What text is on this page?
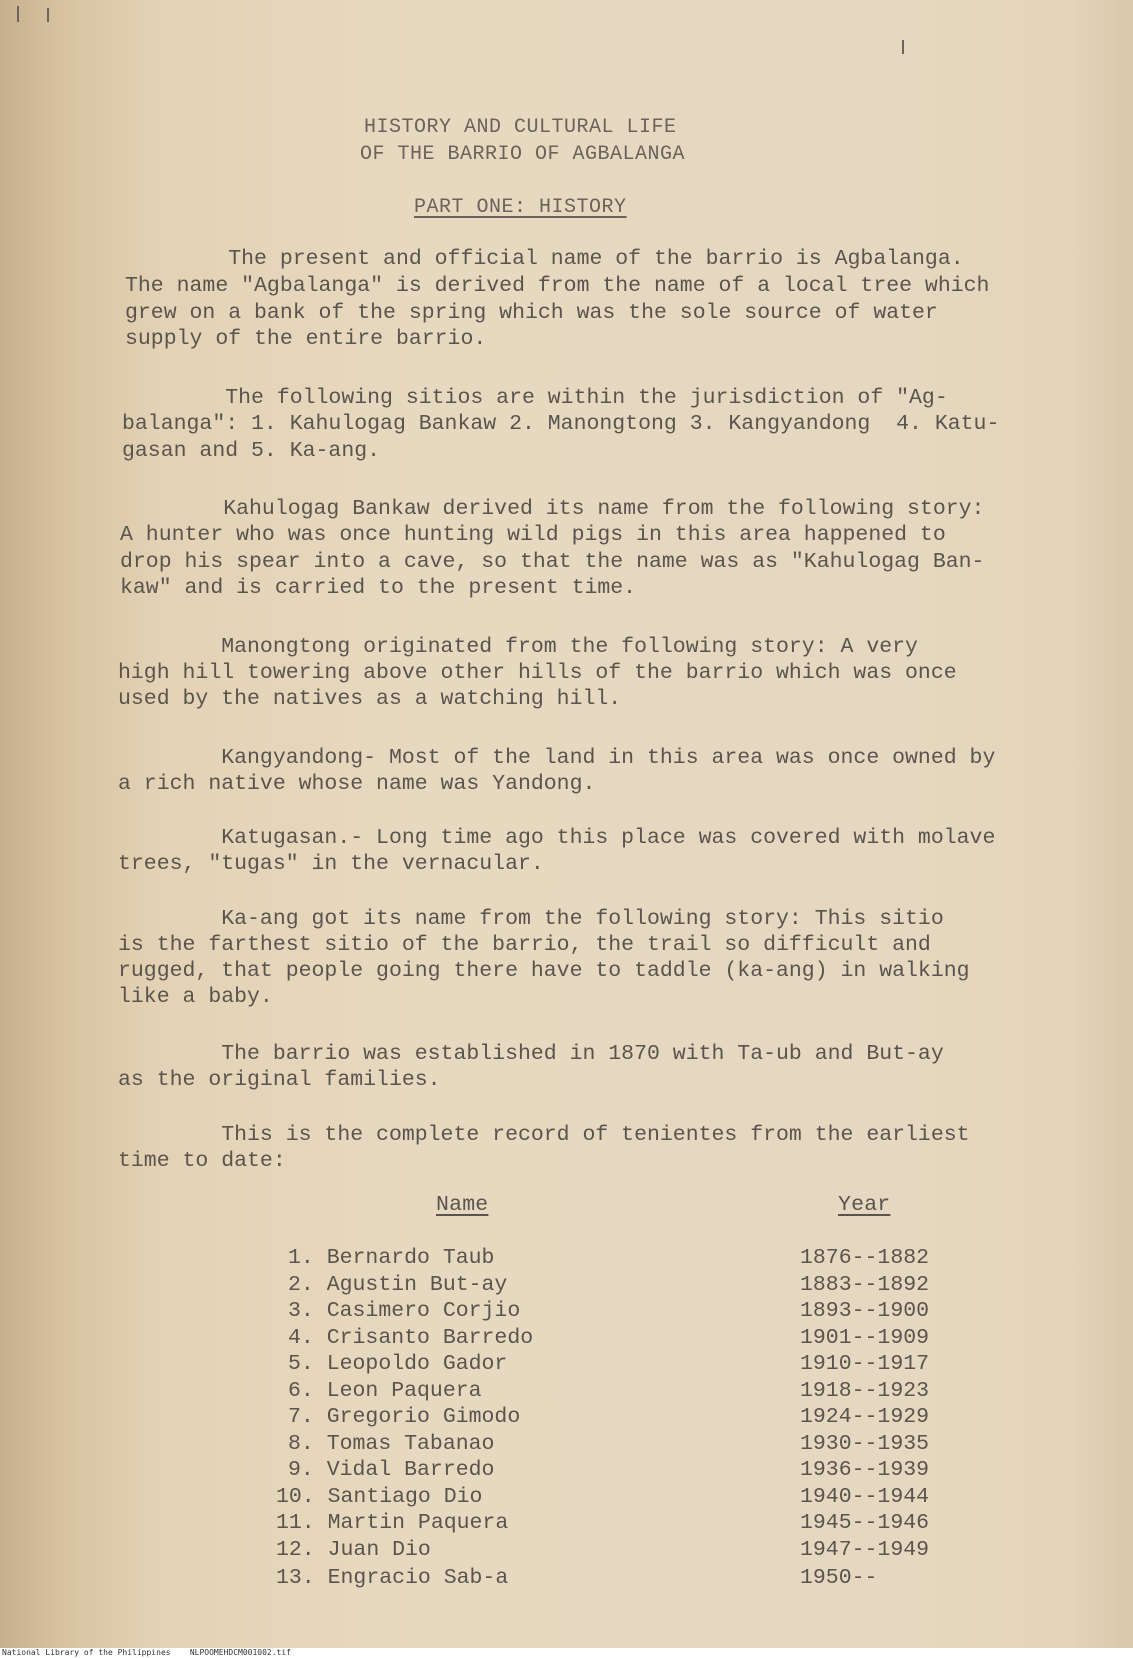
HISTORY AND CULTURAL LIFE
OF THE BARRIO OF AGBALANGA
PART ONE: HISTORY
The present and official name of the barrio is Agbalanga.
The name "Agbalanga" is derived from the name of a local tree which
grew on a bank of the spring which was the sole source of water
supply of the entire barrio.
The following sitios are within the jurisdiction of "Ag-
balanga": 1. Kahulogag Bankaw 2. Manongtong 3. Kangyandong  4. Katu-
gasan and 5. Ka-ang.
Kahulogag Bankaw derived its name from the following story:
A hunter who was once hunting wild pigs in this area happened to
drop his spear into a cave, so that the name was as "Kahulogag Ban-
kaw" and is carried to the present time.
Manongtong originated from the following story: A very
high hill towering above other hills of the barrio which was once
used by the natives as a watching hill.
Kangyandong- Most of the land in this area was once owned by
a rich native whose name was Yandong.
Katugasan.- Long time ago this place was covered with molave
trees, "tugas" in the vernacular.
Ka-ang got its name from the following story: This sitio
is the farthest sitio of the barrio, the trail so difficult and
rugged, that people going there have to taddle (ka-ang) in walking
like a baby.
The barrio was established in 1870 with Ta-ub and But-ay
as the original families.
This is the complete record of tenientes from the earliest
time to date:
Name	Year
1. Bernardo Taub	1876--1882
2. Agustin But-ay	1883--1892
3. Casimero Corjio	1893--1900
4. Crisanto Barredo	1901--1909
5. Leopoldo Gador	1910--1917
6. Leon Paquera	1918--1923
7. Gregorio Gimodo	1924--1929
8. Tomas Tabanao	1930--1935
9. Vidal Barredo	1936--1939
10. Santiago Dio	1940--1944
11. Martin Paquera	1945--1946
12. Juan Dio	1947--1949
13. Engracio Sab-a	1950--
National Library of the Philippines    NLPOOMEHDCM001002.tif
